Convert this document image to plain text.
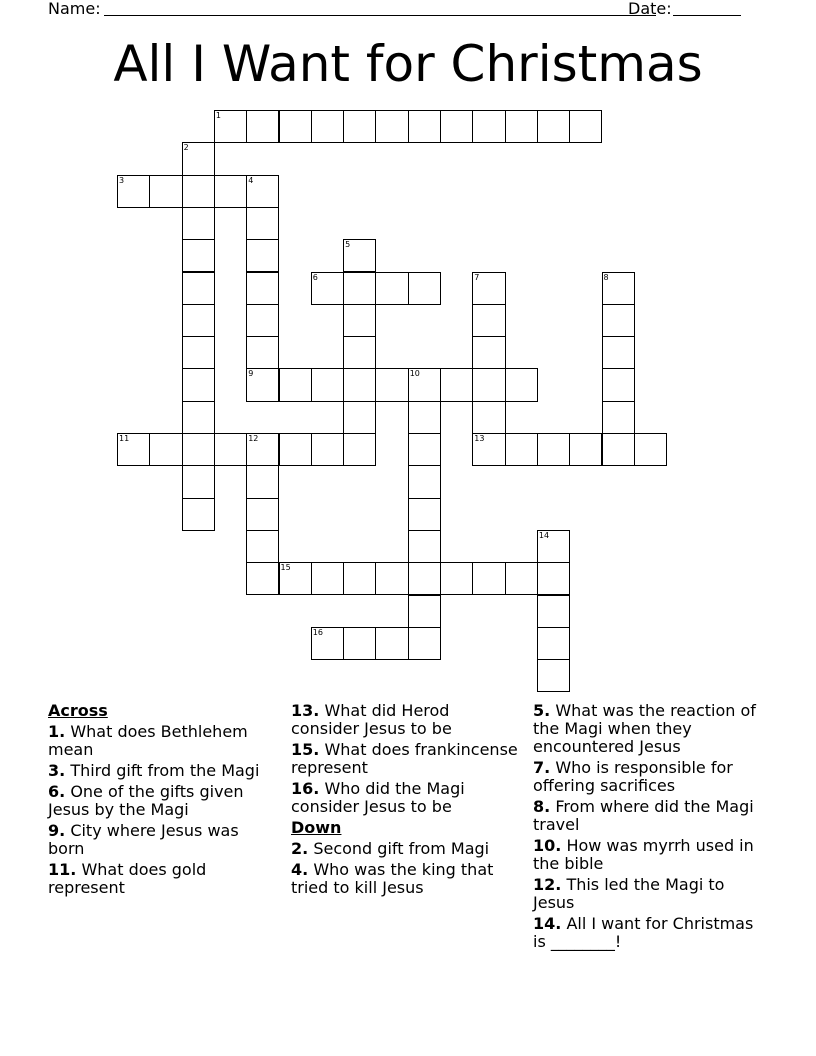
Name:	Date:
All I Want for Christmas
1
2
3	4
5
6	7
13
8
9	10
11	12
14
15
16
Across
1. What does Bethlehem mean
3. Third gift from the Magi
6. One of the gifts given Jesus by the Magi
9. City where Jesus was born
11. What does gold represent
13. What did Herod consider Jesus to be
15. What does frankincense represent
16. Who did the Magi consider Jesus to be
Down
2. Second gift from Magi
4. Who was the king that tried to kill Jesus
5. What was the reaction of the Magi when they encountered Jesus
7. Who is responsible for offering sacrifices
8. From where did the Magi travel
10. How was myrrh used in the bible
12. This led the Magi to Jesus
14. All I want for Christmas is ________!
